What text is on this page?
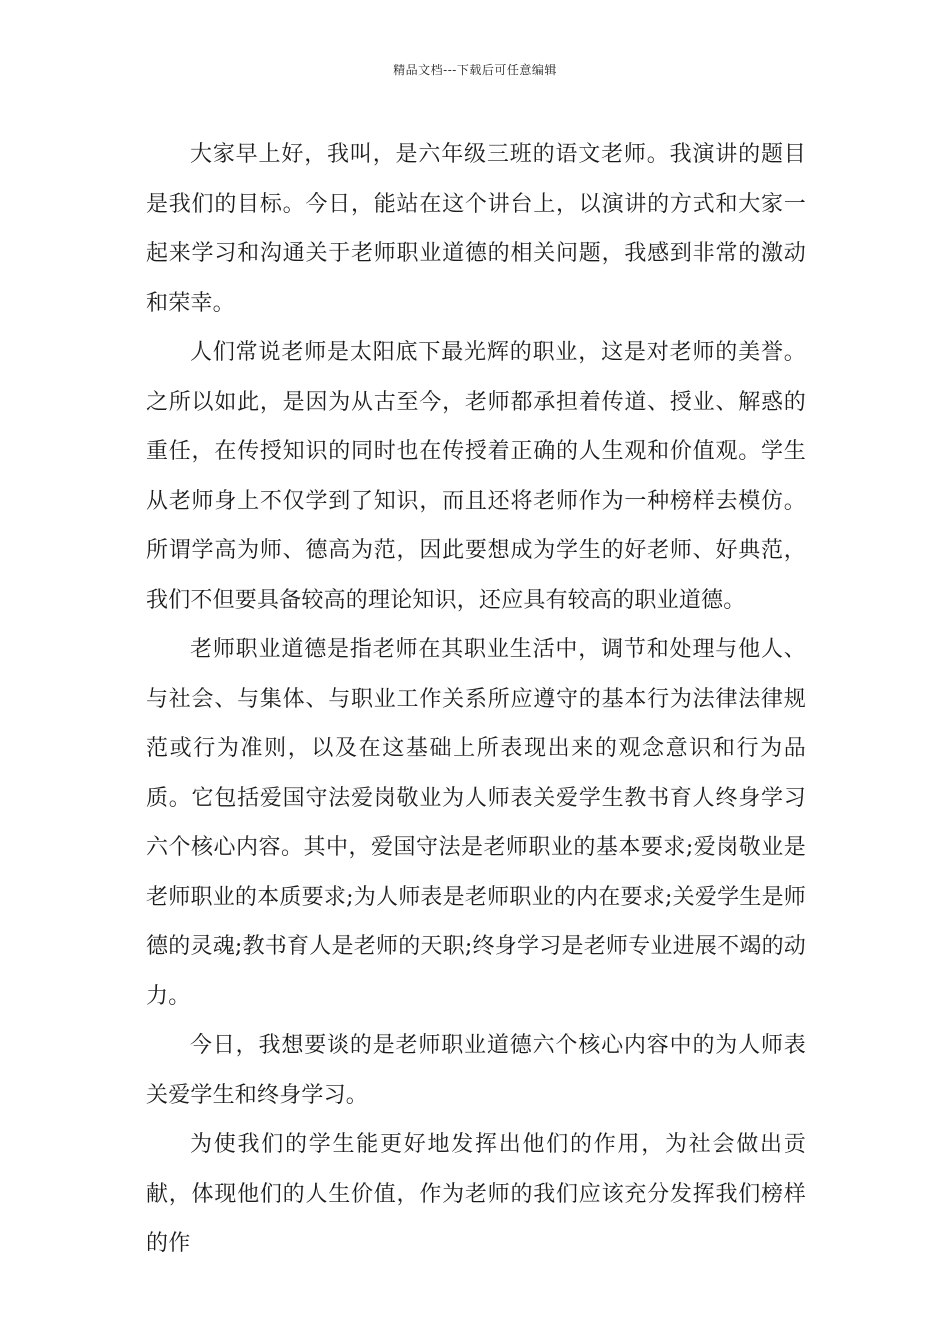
精品文档---下载后可任意编辑

大家早上好，我叫，是六年级三班的语文老师。我演讲的题目是我们的目标。今日，能站在这个讲台上，以演讲的方式和大家一起来学习和沟通关于老师职业道德的相关问题，我感到非常的激动和荣幸。

人们常说老师是太阳底下最光辉的职业，这是对老师的美誉。之所以如此，是因为从古至今，老师都承担着传道、授业、解惑的重任，在传授知识的同时也在传授着正确的人生观和价值观。学生从老师身上不仅学到了知识，而且还将老师作为一种榜样去模仿。所谓学高为师、德高为范，因此要想成为学生的好老师、好典范，我们不但要具备较高的理论知识，还应具有较高的职业道德。

老师职业道德是指老师在其职业生活中，调节和处理与他人、与社会、与集体、与职业工作关系所应遵守的基本行为法律法律规范或行为准则，以及在这基础上所表现出来的观念意识和行为品质。它包括爱国守法爱岗敬业为人师表关爱学生教书育人终身学习六个核心内容。其中，爱国守法是老师职业的基本要求;爱岗敬业是老师职业的本质要求;为人师表是老师职业的内在要求;关爱学生是师德的灵魂;教书育人是老师的天职;终身学习是老师专业进展不竭的动力。

今日，我想要谈的是老师职业道德六个核心内容中的为人师表关爱学生和终身学习。

为使我们的学生能更好地发挥出他们的作用，为社会做出贡献，体现他们的人生价值，作为老师的我们应该充分发挥我们榜样的作
